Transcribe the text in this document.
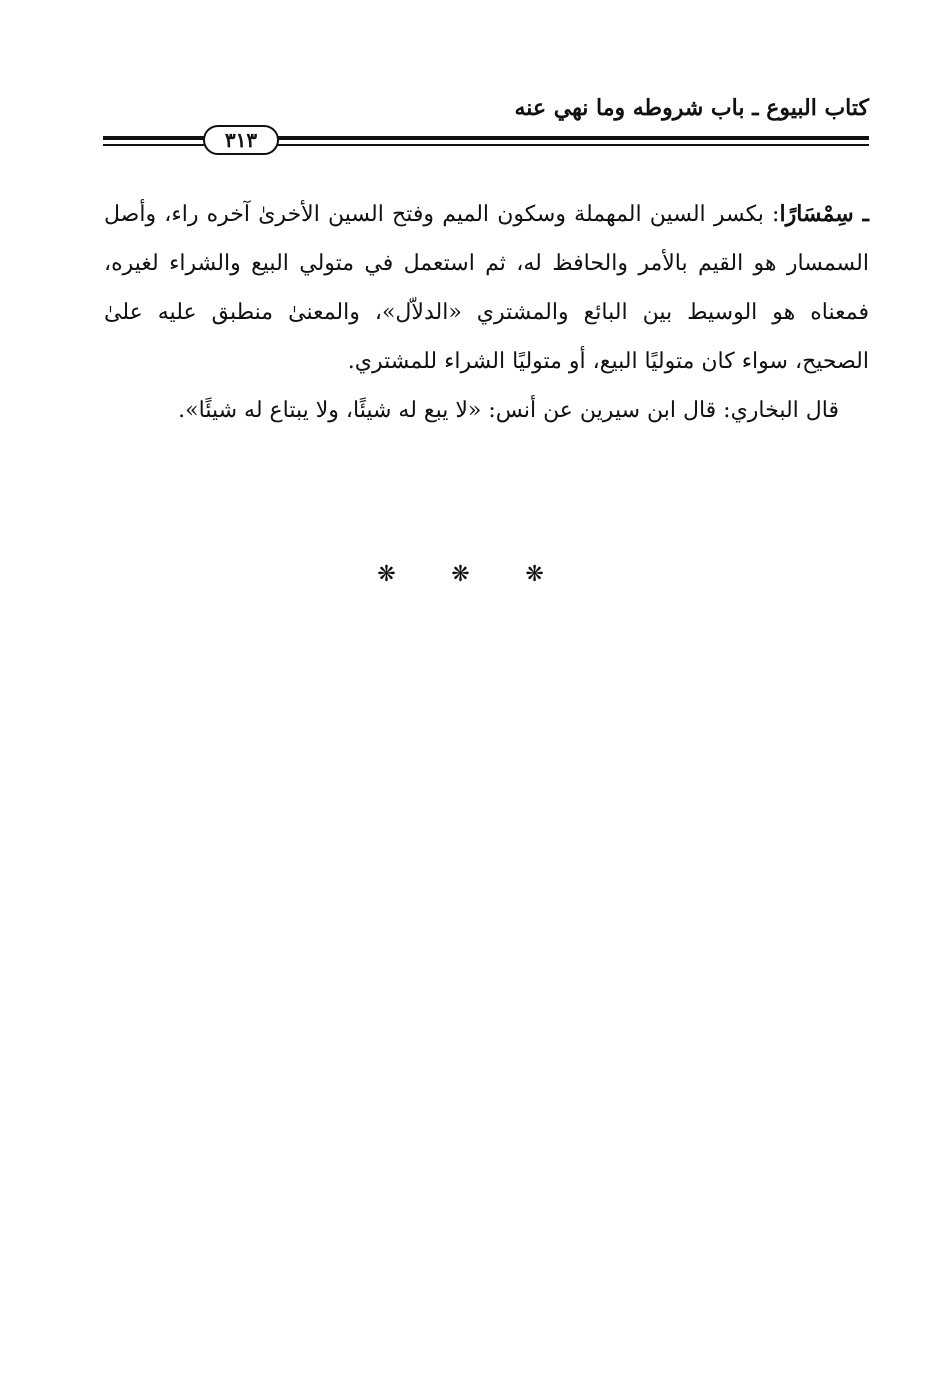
كتاب البيوع ـ باب شروطه وما نهي عنه
٣١٣

ـ سِمْسَارًا: بكسر السين المهملة وسكون الميم وفتح السين الأخرىٰ آخره راء، وأصل السمسار هو القيم بالأمر والحافظ له، ثم استعمل في متولي البيع والشراء لغيره، فمعناه هو الوسيط بين البائع والمشتري «الدلاّل»، والمعنىٰ منطبق عليه علىٰ الصحيح، سواء كان متوليًا البيع، أو متوليًا الشراء للمشتري.

قال البخاري: قال ابن سيرين عن أنس: «لا يبع له شيئًا، ولا يبتاع له شيئًا».

❋ ❋ ❋
